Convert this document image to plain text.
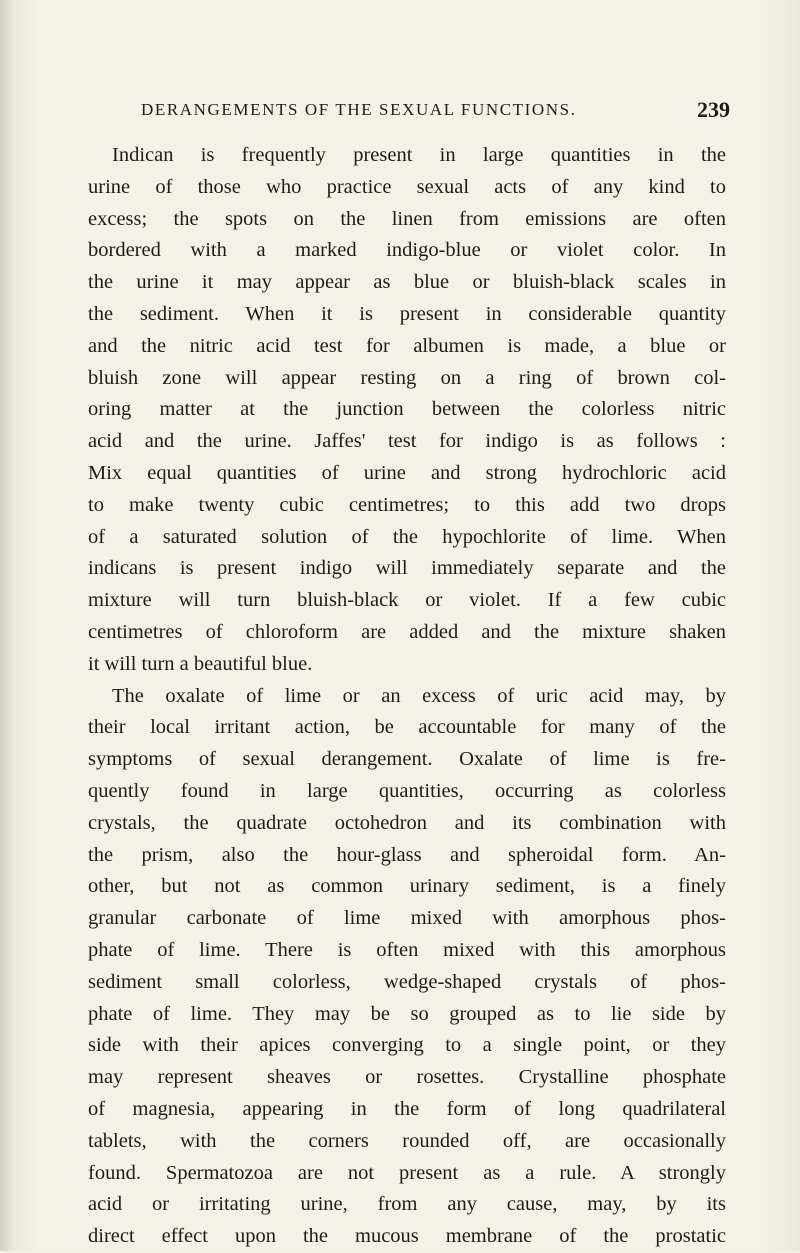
DERANGEMENTS OF THE SEXUAL FUNCTIONS.	239
Indican is frequently present in large quantities in the
urine of those who practice sexual acts of any kind to
excess; the spots on the linen from emissions are often
bordered with a marked indigo-blue or violet color. In
the urine it may appear as blue or bluish-black scales in
the sediment. When it is present in considerable quantity
and the nitric acid test for albumen is made, a blue or
bluish zone will appear resting on a ring of brown col-
oring matter at the junction between the colorless nitric
acid and the urine. Jaffes' test for indigo is as follows :
Mix equal quantities of urine and strong hydrochloric acid
to make twenty cubic centimetres; to this add two drops
of a saturated solution of the hypochlorite of lime. When
indicans is present indigo will immediately separate and the
mixture will turn bluish-black or violet. If a few cubic
centimetres of chloroform are added and the mixture shaken
it will turn a beautiful blue.
The oxalate of lime or an excess of uric acid may, by
their local irritant action, be accountable for many of the
symptoms of sexual derangement. Oxalate of lime is fre-
quently found in large quantities, occurring as colorless
crystals, the quadrate octohedron and its combination with
the prism, also the hour-glass and spheroidal form. An-
other, but not as common urinary sediment, is a finely
granular carbonate of lime mixed with amorphous phos-
phate of lime. There is often mixed with this amorphous
sediment small colorless, wedge-shaped crystals of phos-
phate of lime. They may be so grouped as to lie side by
side with their apices converging to a single point, or they
may represent sheaves or rosettes. Crystalline phosphate
of magnesia, appearing in the form of long quadrilateral
tablets, with the corners rounded off, are occasionally
found. Spermatozoa are not present as a rule. A strongly
acid or irritating urine, from any cause, may, by its
direct effect upon the mucous membrane of the prostatic
